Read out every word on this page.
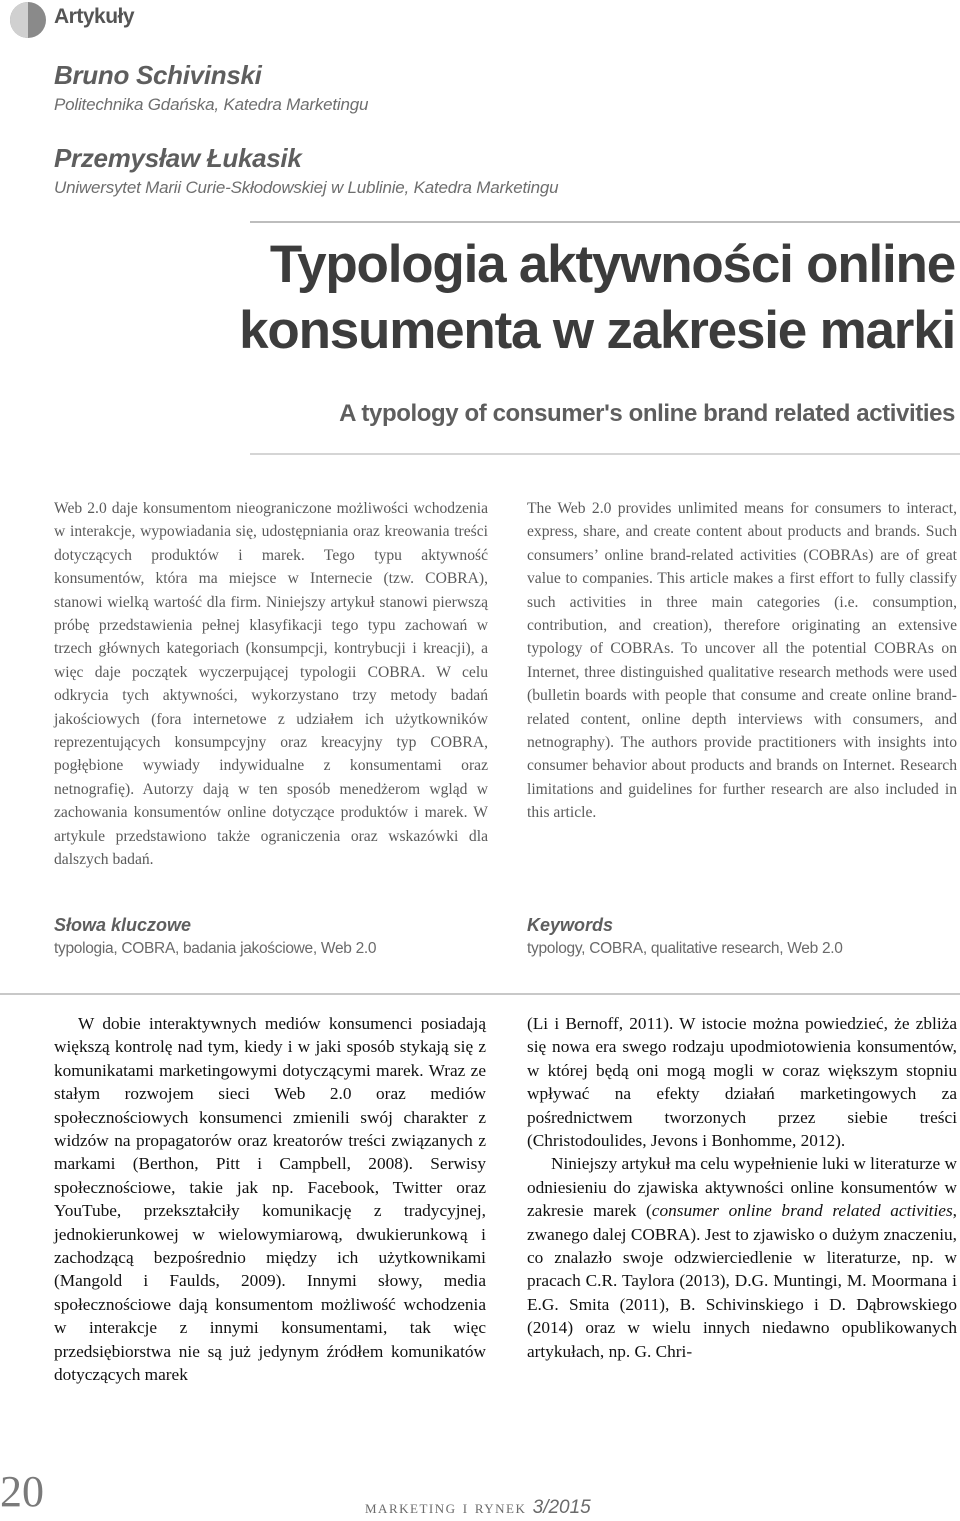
Artykuły
Bruno Schivinski
Politechnika Gdańska, Katedra Marketingu
Przemysław Łukasik
Uniwersytet Marii Curie-Skłodowskiej w Lublinie, Katedra Marketingu
Typologia aktywności online
konsumenta w zakresie marki
A typology of consumer's online brand related activities
Web 2.0 daje konsumentom nieograniczone możliwości wchodzenia w interakcje, wypowiadania się, udostępniania oraz kreowania treści dotyczących produktów i marek. Tego typu aktywność konsumentów, która ma miejsce w Internecie (tzw. COBRA), stanowi wielką wartość dla firm. Niniejszy artykuł stanowi pierwszą próbę przedstawienia pełnej klasyfikacji tego typu zachowań w trzech głównych kategoriach (konsumpcji, kontrybucji i kreacji), a więc daje początek wyczerpującej typologii COBRA. W celu odkrycia tych aktywności, wykorzystano trzy metody badań jakościowych (fora internetowe z udziałem ich użytkowników reprezentujących konsumpcyjny oraz kreacyjny typ COBRA, pogłębione wywiady indywidualne z konsumentami oraz netnografię). Autorzy dają w ten sposób menedżerom wgląd w zachowania konsumentów online dotyczące produktów i marek. W artykule przedstawiono także ograniczenia oraz wskazówki dla dalszych badań.
The Web 2.0 provides unlimited means for consumers to interact, express, share, and create content about products and brands. Such consumers’ online brand-related activities (COBRAs) are of great value to companies. This article makes a first effort to fully classify such activities in three main categories (i.e. consumption, contribution, and creation), therefore originating an extensive typology of COBRAs. To uncover all the potential COBRAs on Internet, three distinguished qualitative research methods were used (bulletin boards with people that consume and create online brand-related content, online depth interviews with consumers, and netnography). The authors provide practitioners with insights into consumer behavior about products and brands on Internet. Research limitations and guidelines for further research are also included in this article.
Słowa kluczowe
typologia, COBRA, badania jakościowe, Web 2.0
Keywords
typology, COBRA, qualitative research, Web 2.0

W dobie interaktywnych mediów konsumenci posiadają większą kontrolę nad tym, kiedy i w jaki sposób stykają się z komunikatami marketingowymi dotyczącymi marek. Wraz ze stałym rozwojem sieci Web 2.0 oraz mediów społecznościowych konsumenci zmienili swój charakter z widzów na propagatorów oraz kreatorów treści związanych z markami (Berthon, Pitt i Campbell, 2008). Serwisy społecznościowe, takie jak np. Facebook, Twitter oraz YouTube, przekształciły komunikację z tradycyjnej, jednokierunkowej w wielowymiarową, dwukierunkową i zachodzącą bezpośrednio między ich użytkownikami (Mangold i Faulds, 2009). Innymi słowy, media społecznościowe dają konsumentom możliwość wchodzenia w interakcje z innymi konsumentami, tak więc przedsiębiorstwa nie są już jedynym źródłem komunikatów dotyczących marek

(Li i Bernoff, 2011). W istocie można powiedzieć, że zbliża się nowa era swego rodzaju upodmiotowienia konsumentów, w której będą oni mogą mogli w coraz większym stopniu wpływać na efekty działań marketingowych za pośrednictwem tworzonych przez siebie treści (Christodoulides, Jevons i Bonhomme, 2012).

Niniejszy artykuł ma celu wypełnienie luki w literaturze w odniesieniu do zjawiska aktywności online konsumentów w zakresie marek (consumer online brand related activities, zwanego dalej COBRA). Jest to zjawisko o dużym znaczeniu, co znalazło swoje odzwierciedlenie w literaturze, np. w pracach C.R. Taylora (2013), D.G. Muntingi, M. Moormana i E.G. Smita (2011), B. Schivinskiego i D. Dąbrowskiego (2014) oraz w wielu innych niedawno opublikowanych artykułach, np. G. Chri-

20	marketing i rynek 3/2015
